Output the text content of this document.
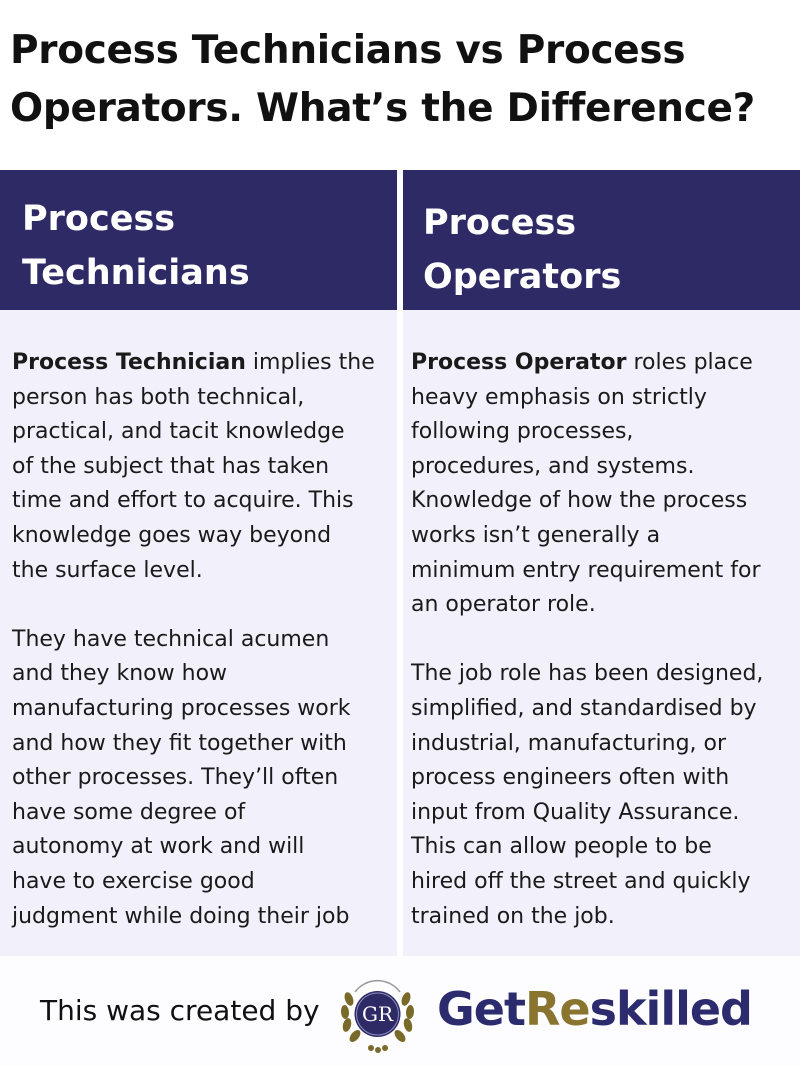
Process Technicians vs Process
Operators. What’s the Difference?
Process
Technicians
Process Technician implies the
person has both technical,
practical, and tacit knowledge
of the subject that has taken
time and effort to acquire. This
knowledge goes way beyond
the surface level.
They have technical acumen
and they know how
manufacturing processes work
and how they fit together with
other processes. They’ll often
have some degree of
autonomy at work and will
have to exercise good
judgment while doing their job
Process
Operators
Process Operator roles place
heavy emphasis on strictly
following processes,
procedures, and systems.
Knowledge of how the process
works isn’t generally a
minimum entry requirement for
an operator role.
The job role has been designed,
simplified, and standardised by
industrial, manufacturing, or
process engineers often with
input from Quality Assurance.
This can allow people to be
hired off the street and quickly
trained on the job.
This was created by GR GetReskilled
